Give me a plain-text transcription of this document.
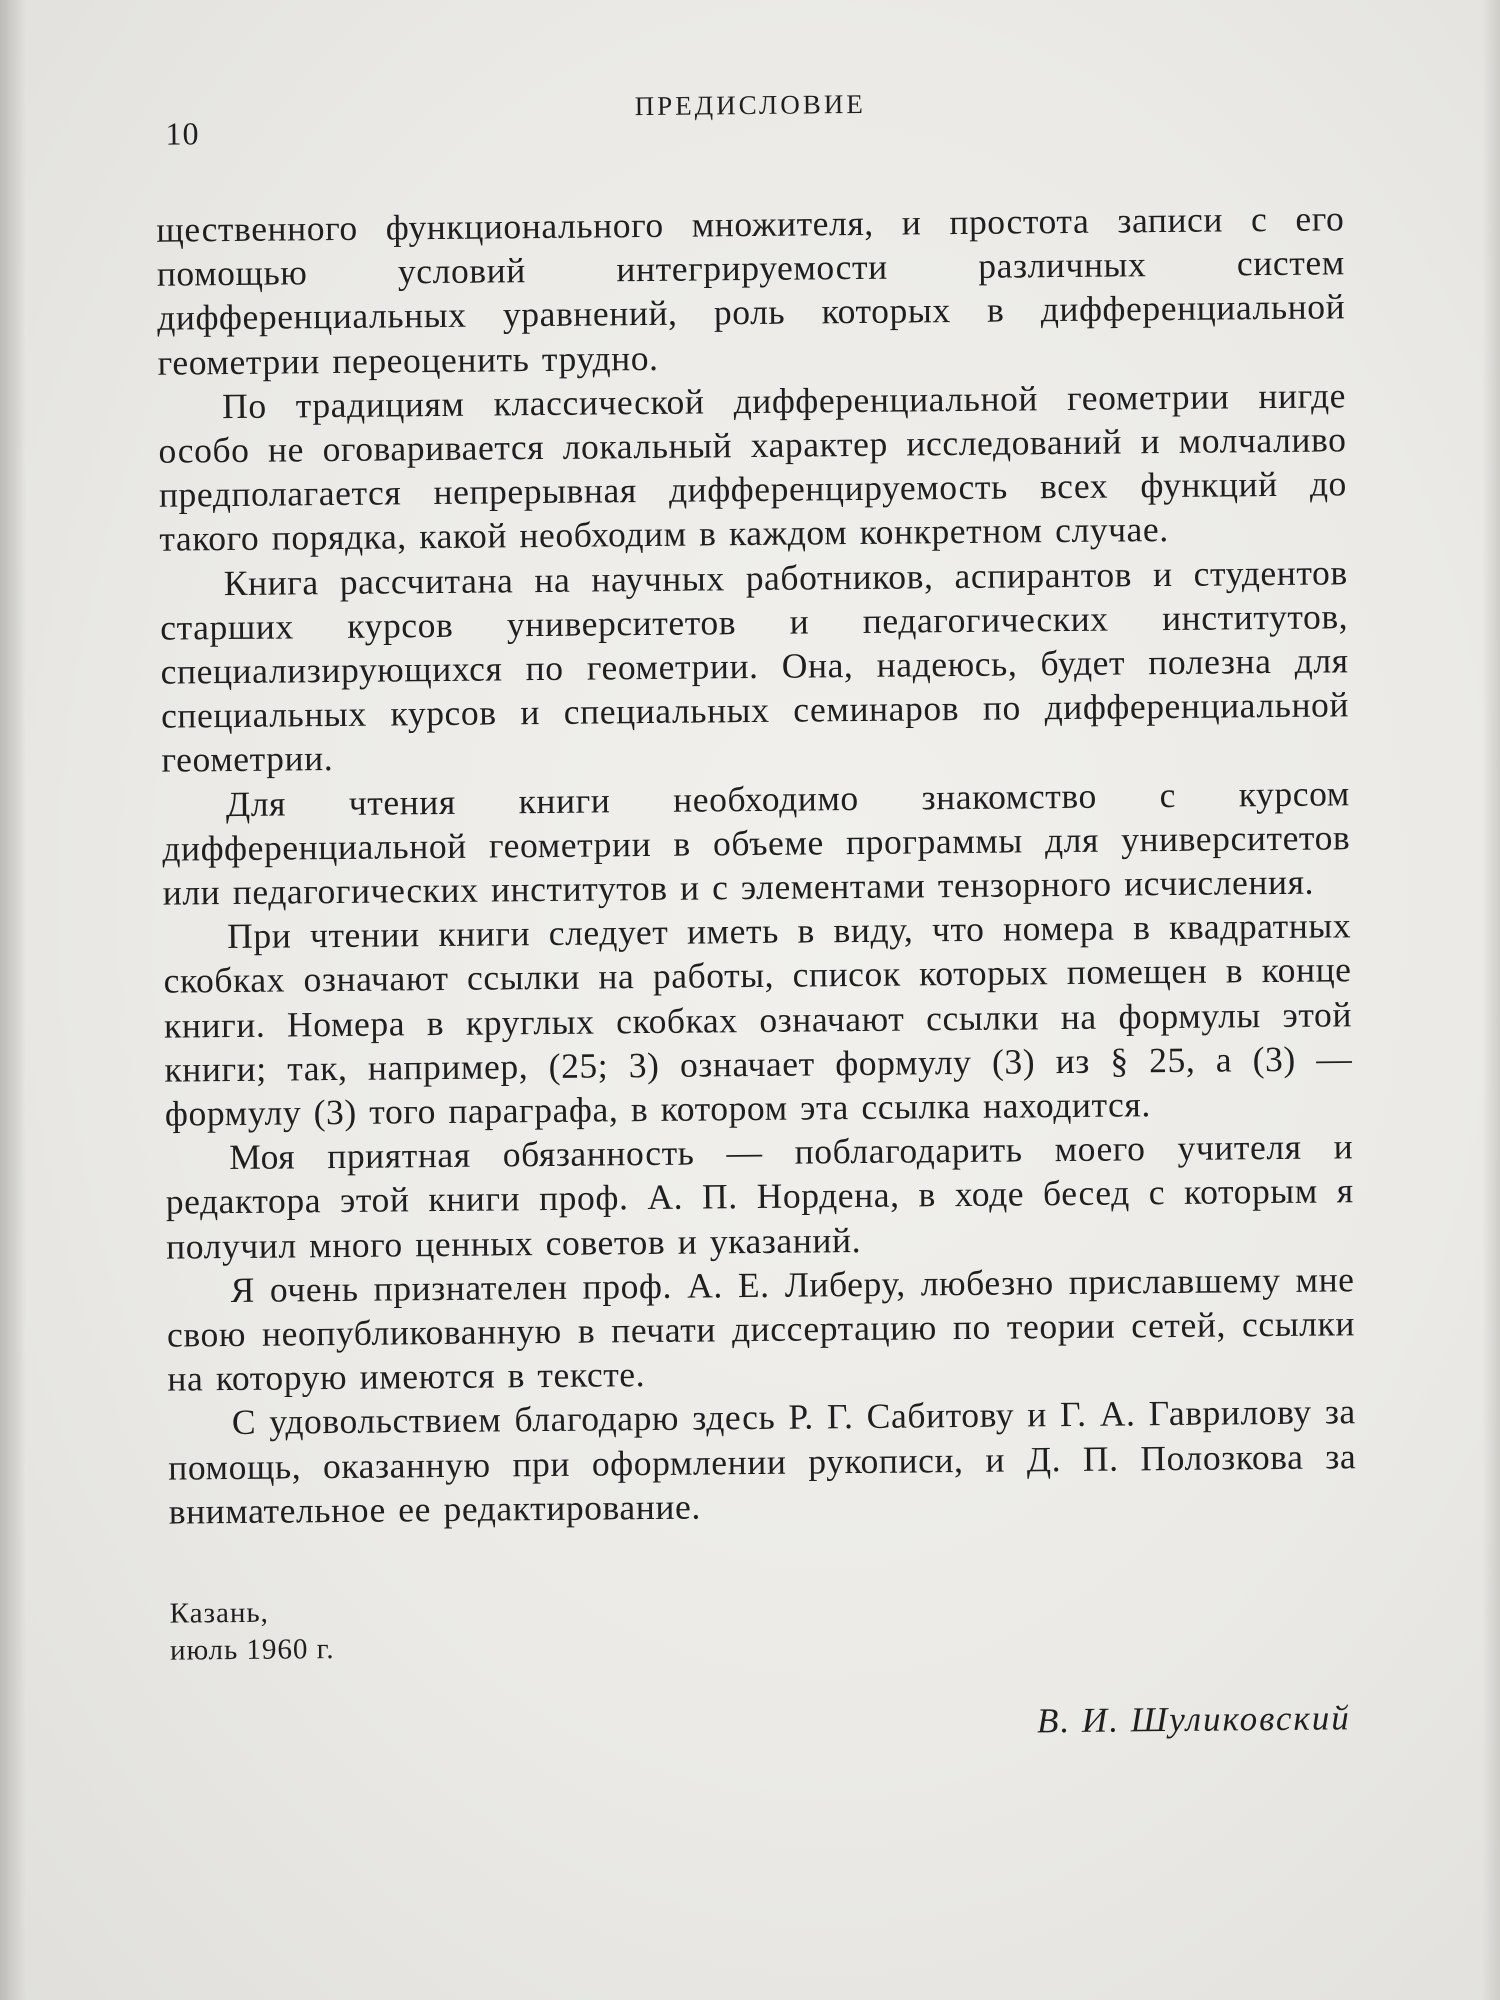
10
ПРЕДИСЛОВИЕ

щественного функционального множителя, и простота записи с его помощью условий интегрируемости различных систем дифференциальных уравнений, роль которых в дифференциальной геометрии переоценить трудно.

По традициям классической дифференциальной геометрии нигде особо не оговаривается локальный характер исследований и молчаливо предполагается непрерывная дифференцируемость всех функций до такого порядка, какой необходим в каждом конкретном случае.

Книга рассчитана на научных работников, аспирантов и студентов старших курсов университетов и педагогических институтов, специализирующихся по геометрии. Она, надеюсь, будет полезна для специальных курсов и специальных семинаров по дифференциальной геометрии.

Для чтения книги необходимо знакомство с курсом дифференциальной геометрии в объеме программы для университетов или педагогических институтов и с элементами тензорного исчисления.

При чтении книги следует иметь в виду, что номера в квадратных скобках означают ссылки на работы, список которых помещен в конце книги. Номера в круглых скобках означают ссылки на формулы этой книги; так, например, (25; 3) означает формулу (3) из § 25, а (3) — формулу (3) того параграфа, в котором эта ссылка находится.

Моя приятная обязанность — поблагодарить моего учителя и редактора этой книги проф. А. П. Нордена, в ходе бесед с которым я получил много ценных советов и указаний.

Я очень признателен проф. А. Е. Либеру, любезно приславшему мне свою неопубликованную в печати диссертацию по теории сетей, ссылки на которую имеются в тексте.

С удовольствием благодарю здесь Р. Г. Сабитову и Г. А. Гаврилову за помощь, оказанную при оформлении рукописи, и Д. П. Полозкова за внимательное ее редактирование.

Казань,
июль 1960 г.
В. И. Шуликовский
